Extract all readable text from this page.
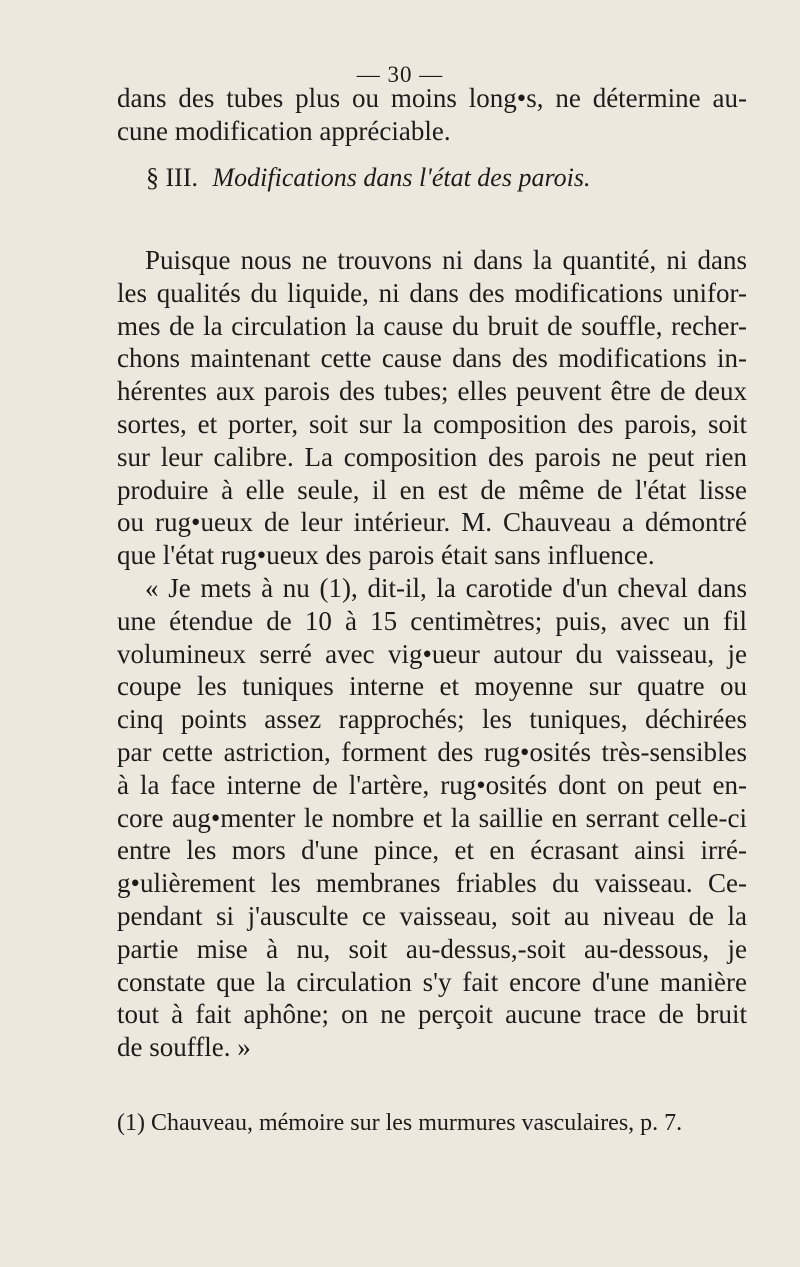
— 30 —
dans des tubes plus ou moins long•s, ne détermine au-
cune modification appréciable.
§ III. Modifications dans l'état des parois.
Puisque nous ne trouvons ni dans la quantité, ni dans
les qualités du liquide, ni dans des modifications unifor-
mes de la circulation la cause du bruit de souffle, recher-
chons maintenant cette cause dans des modifications in-
hérentes aux parois des tubes; elles peuvent être de deux
sortes, et porter, soit sur la composition des parois, soit
sur leur calibre. La composition des parois ne peut rien
produire à elle seule, il en est de même de l'état lisse
ou rug•ueux de leur intérieur. M. Chauveau a démontré
que l'état rug•ueux des parois était sans influence.
« Je mets à nu (1), dit-il, la carotide d'un cheval dans
une étendue de 10 à 15 centimètres; puis, avec un fil
volumineux serré avec vig•ueur autour du vaisseau, je
coupe les tuniques interne et moyenne sur quatre ou
cinq points assez rapprochés; les tuniques, déchirées
par cette astriction, forment des rug•osités très-sensibles
à la face interne de l'artère, rug•osités dont on peut en-
core aug•menter le nombre et la saillie en serrant celle-ci
entre les mors d'une pince, et en écrasant ainsi irré-
g•ulièrement les membranes friables du vaisseau. Ce-
pendant si j'ausculte ce vaisseau, soit au niveau de la
partie mise à nu, soit au-dessus,-soit au-dessous, je
constate que la circulation s'y fait encore d'une manière
tout à fait aphône; on ne perçoit aucune trace de bruit
de souffle. »
(1) Chauveau, mémoire sur les murmures vasculaires, p. 7.
